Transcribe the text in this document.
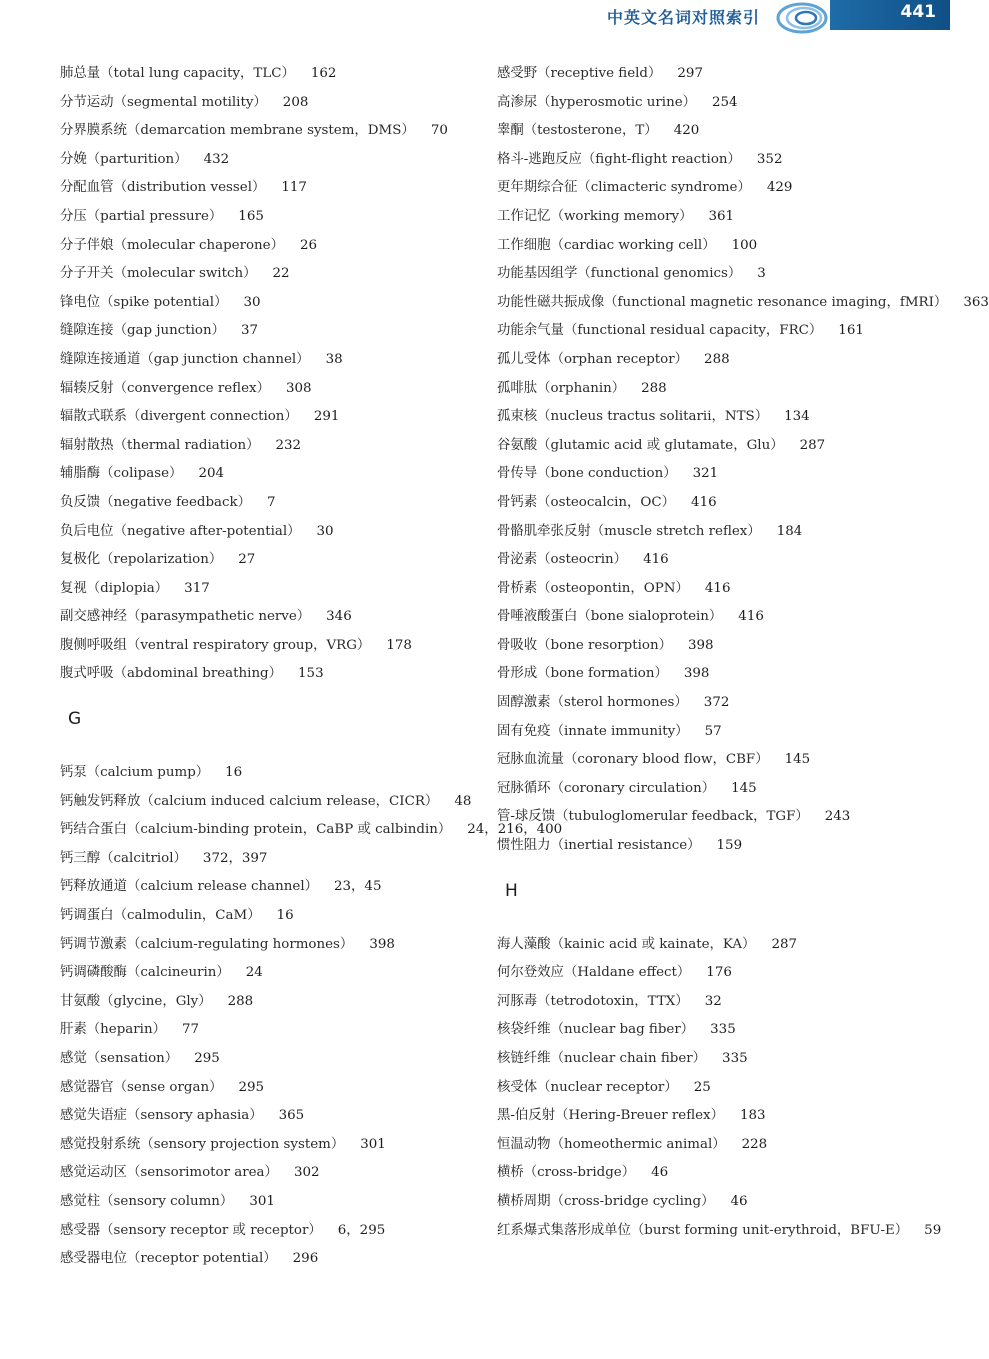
中英文名词对照索引	441
肺总量（total lung capacity，TLC） 162
分节运动（segmental motility） 208
分界膜系统（demarcation membrane system，DMS） 70
分娩（parturition） 432
分配血管（distribution vessel） 117
分压（partial pressure） 165
分子伴娘（molecular chaperone） 26
分子开关（molecular switch） 22
锋电位（spike potential） 30
缝隙连接（gap junction） 37
缝隙连接通道（gap junction channel） 38
辐辏反射（convergence reflex） 308
辐散式联系（divergent connection） 291
辐射散热（thermal radiation） 232
辅脂酶（colipase） 204
负反馈（negative feedback） 7
负后电位（negative after-potential） 30
复极化（repolarization） 27
复视（diplopia） 317
副交感神经（parasympathetic nerve） 346
腹侧呼吸组（ventral respiratory group，VRG） 178
腹式呼吸（abdominal breathing） 153
G
钙泵（calcium pump） 16
钙触发钙释放（calcium induced calcium release，CICR） 48
钙结合蛋白（calcium-binding protein，CaBP 或 calbindin） 24，216，400
钙三醇（calcitriol） 372，397
钙释放通道（calcium release channel） 23，45
钙调蛋白（calmodulin，CaM） 16
钙调节激素（calcium-regulating hormones） 398
钙调磷酸酶（calcineurin） 24
甘氨酸（glycine，Gly） 288
肝素（heparin） 77
感觉（sensation） 295
感觉器官（sense organ） 295
感觉失语症（sensory aphasia） 365
感觉投射系统（sensory projection system） 301
感觉运动区（sensorimotor area） 302
感觉柱（sensory column） 301
感受器（sensory receptor 或 receptor） 6，295
感受器电位（receptor potential） 296
感受野（receptive field） 297
高渗尿（hyperosmotic urine） 254
睾酮（testosterone，T） 420
格斗-逃跑反应（fight-flight reaction） 352
更年期综合征（climacteric syndrome） 429
工作记忆（working memory） 361
工作细胞（cardiac working cell） 100
功能基因组学（functional genomics） 3
功能性磁共振成像（functional magnetic resonance imaging，fMRI） 363
功能余气量（functional residual capacity，FRC） 161
孤儿受体（orphan receptor） 288
孤啡肽（orphanin） 288
孤束核（nucleus tractus solitarii，NTS） 134
谷氨酸（glutamic acid 或 glutamate，Glu） 287
骨传导（bone conduction） 321
骨钙素（osteocalcin，OC） 416
骨骼肌牵张反射（muscle stretch reflex） 184
骨泌素（osteocrin） 416
骨桥素（osteopontin，OPN） 416
骨唾液酸蛋白（bone sialoprotein） 416
骨吸收（bone resorption） 398
骨形成（bone formation） 398
固醇激素（sterol hormones） 372
固有免疫（innate immunity） 57
冠脉血流量（coronary blood flow，CBF） 145
冠脉循环（coronary circulation） 145
管-球反馈（tubuloglomerular feedback，TGF） 243
惯性阻力（inertial resistance） 159
H
海人藻酸（kainic acid 或 kainate，KA） 287
何尔登效应（Haldane effect） 176
河豚毒（tetrodotoxin，TTX） 32
核袋纤维（nuclear bag fiber） 335
核链纤维（nuclear chain fiber） 335
核受体（nuclear receptor） 25
黑-伯反射（Hering-Breuer reflex） 183
恒温动物（homeothermic animal） 228
横桥（cross-bridge） 46
横桥周期（cross-bridge cycling） 46
红系爆式集落形成单位（burst forming unit-erythroid，BFU-E） 59
